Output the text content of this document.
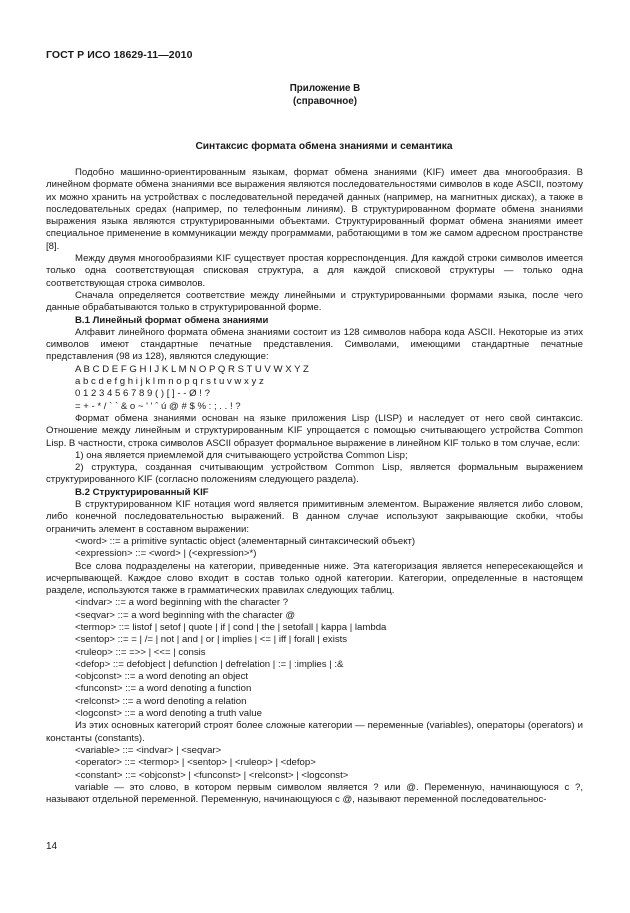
ГОСТ Р ИСО 18629-11—2010
Приложение В
(справочное)
Синтаксис формата обмена знаниями и семантика

Подобно машинно-ориентированным языкам, формат обмена знаниями (KIF) имеет два многообразия. В линейном формате обмена знаниями все выражения являются последовательностями символов в коде ASCII, поэтому их можно хранить на устройствах с последовательной передачей данных (например, на магнитных дисках), а также в последовательных средах (например, по телефонным линиям). В структурированном формате обмена знаниями выражения языка являются структурированными объектами. Структурированный формат обмена знаниями имеет специальное применение в коммуникации между программами, работающими в том же самом адресном пространстве [8].

Между двумя многообразиями KIF существует простая корреспонденция. Для каждой строки символов имеется только одна соответствующая списковая структура, а для каждой списковой структуры — только одна соответствующая строка символов.

Сначала определяется соответствие между линейными и структурированными формами языка, после чего данные обрабатываются только в структурированной форме.

B.1 Линейный формат обмена знаниями

Алфавит линейного формата обмена знаниями состоит из 128 символов набора кода ASCII. Некоторые из этих символов имеют стандартные печатные представления. Символами, имеющими стандартные печатные представления (98 из 128), являются следующие:

A B C D E F G H I J K L M N O P Q R S T U V W X Y Z
a b c d e f g h i j k l m n o p q r s t u v w x y z
0 1 2 3 4 5 6 7 8 9 ( ) [ ] - - Ø ! ?
= + - * / ` ` & o ~ ' ' ˆ ú @ # $ % : ; . . ! ?

Формат обмена знаниями основан на языке приложения Lisp (LISP) и наследует от него свой синтаксис. Отношение между линейным и структурированным KIF упрощается с помощью считывающего устройства Common Lisp. В частности, строка символов ASCII образует формальное выражение в линейном KIF только в том случае, если:

1) она является приемлемой для считывающего устройства Common Lisp;

2) структура, созданная считывающим устройством Common Lisp, является формальным выражением структурированного KIF (согласно положениям следующего раздела).

B.2 Структурированный KIF

В структурированном KIF нотация word является примитивным элементом. Выражение является либо словом, либо конечной последовательностью выражений. В данном случае используют закрывающие скобки, чтобы ограничить элемент в составном выражении:

<word> ::= a primitive syntactic object (элементарный синтаксический объект)
<expression> ::= <word> | (<expression>*)

Все слова подразделены на категории, приведенные ниже. Эта категоризация является непересекающейся и исчерпывающей. Каждое слово входит в состав только одной категории. Категории, определенные в настоящем разделе, используются также в грамматических правилах следующих таблиц.

<indvar> ::= a word beginning with the character ?
<seqvar> ::= a word beginning with the character @
<termop> ::= listof | setof | quote | if | cond | the | setofall | kappa | lambda
<sentop> ::= = | /= | not | and | or | implies | <= | iff | forall | exists
<ruleop> ::= =>> | <<= | consis
<defop> ::= defobject | defunction | defrelation | := | :implies | :&
<objconst> ::= a word denoting an object
<funconst> ::= a word denoting a function
<relconst> ::= a word denoting a relation
<logconst> ::= a word denoting a truth value

Из этих основных категорий строят более сложные категории — переменные (variables), операторы (operators) и константы (constants).

<variable> ::= <indvar> | <seqvar>
<operator> ::= <termop> | <sentop> | <ruleop> | <defop>
<constant> ::= <objconst> | <funconst> | <relconst> | <logconst>

variable — это слово, в котором первым символом является ? или @. Переменную, начинающуюся с ?, называют отдельной переменной. Переменную, начинающуюся с @, называют переменной последовательнос-

14
